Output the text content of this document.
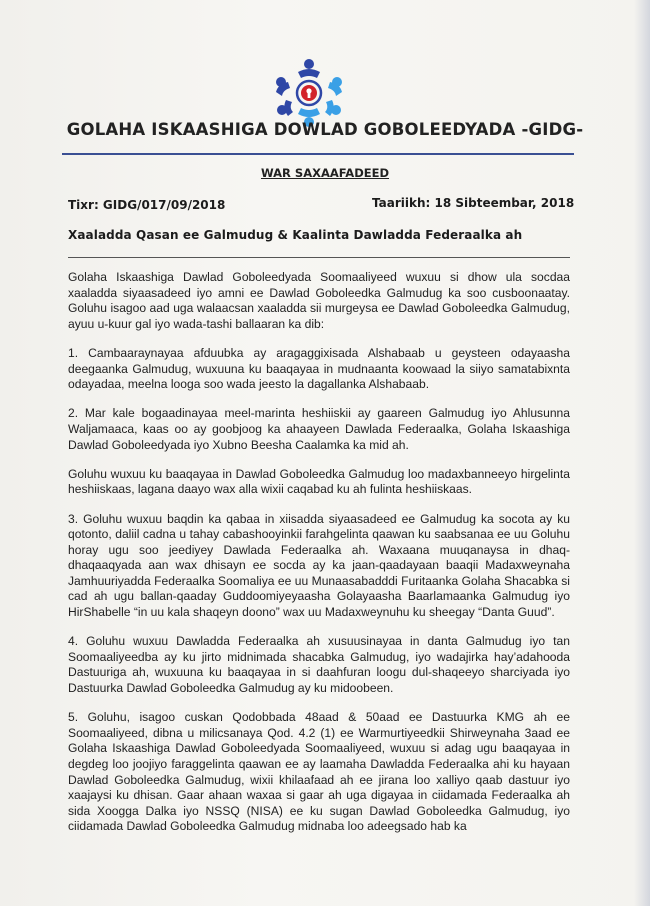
GOLAHA ISKAASHIGA DOWLAD GOBOLEEDYADA -GIDG-
WAR SAXAAFADEED
Tixr: GIDG/017/09/2018	Taariikh: 18 Sibteembar, 2018
Xaaladda Qasan ee Galmudug & Kaalinta Dawladda Federaalka ah

Golaha Iskaashiga Dawlad Goboleedyada Soomaaliyeed wuxuu si dhow ula socdaa xaaladda siyaasadeed iyo amni ee Dawlad Goboleedka Galmudug ka soo cusboonaatay. Goluhu isagoo aad uga walaacsan xaaladda sii murgeysa ee Dawlad Goboleedka Galmudug, ayuu u-kuur gal iyo wada-tashi ballaaran ka dib:

1. Cambaaraynayaa afduubka ay aragaggixisada Alshabaab u geysteen odayaasha deegaanka Galmudug, wuxuuna ku baaqayaa in mudnaanta koowaad la siiyo samatabixnta odayadaa, meelna looga soo wada jeesto la dagallanka Alshabaab.

2. Mar kale bogaadinayaa meel-marinta heshiiskii ay gaareen Galmudug iyo Ahlusunna Waljamaaca, kaas oo ay goobjoog ka ahaayeen Dawlada Federaalka, Golaha Iskaashiga Dawlad Goboleedyada iyo Xubno Beesha Caalamka ka mid ah.

Goluhu wuxuu ku baaqayaa in Dawlad Goboleedka Galmudug loo madaxbanneeyo hirgelinta heshiiskaas, lagana daayo wax alla wixii caqabad ku ah fulinta heshiiskaas.

3. Goluhu wuxuu baqdin ka qabaa in xiisadda siyaasadeed ee Galmudug ka socota ay ku qotonto, daliil cadna u tahay cabashooyinkii farahgelinta qaawan ku saabsanaa ee uu Goluhu horay ugu soo jeediyey Dawlada Federaalka ah. Waxaana muuqanaysa in dhaq-dhaqaaqyada aan wax dhisayn ee socda ay ka jaan-qaadayaan baaqii Madaxweynaha Jamhuuriyadda Federaalka Soomaliya ee uu Munaasabadddi Furitaanka Golaha Shacabka si cad ah ugu ballan-qaaday Guddoomiyeyaasha Golayaasha Baarlamaanka Galmudug iyo HirShabelle “in uu kala shaqeyn doono” wax uu Madaxweynuhu ku sheegay “Danta Guud”.

4. Goluhu wuxuu Dawladda Federaalka ah xusuusinayaa in danta Galmudug iyo tan Soomaaliyeedba ay ku jirto midnimada shacabka Galmudug, iyo wadajirka hay’adahooda Dastuuriga ah, wuxuuna ku baaqayaa in si daahfuran loogu dul-shaqeeyo sharciyada iyo Dastuurka Dawlad Goboleedka Galmudug ay ku midoobeen.

5. Goluhu, isagoo cuskan Qodobbada 48aad & 50aad ee Dastuurka KMG ah ee Soomaaliyeed, dibna u milicsanaya Qod. 4.2 (1) ee Warmurtiyeedkii Shirweynaha 3aad ee Golaha Iskaashiga Dawlad Goboleedyada Soomaaliyeed, wuxuu si adag ugu baaqayaa in degdeg loo joojiyo faraggelinta qaawan ee ay laamaha Dawladda Federaalka ahi ku hayaan Dawlad Goboleedka Galmudug, wixii khilaafaad ah ee jirana loo xalliyo qaab dastuur iyo xaajaysi ku dhisan. Gaar ahaan waxaa si gaar ah uga digayaa in ciidamada Federaalka ah sida Xoogga Dalka iyo NSSQ (NISA) ee ku sugan Dawlad Goboleedka Galmudug, iyo ciidamada Dawlad Goboleedka Galmudug midnaba loo adeegsado hab ka
